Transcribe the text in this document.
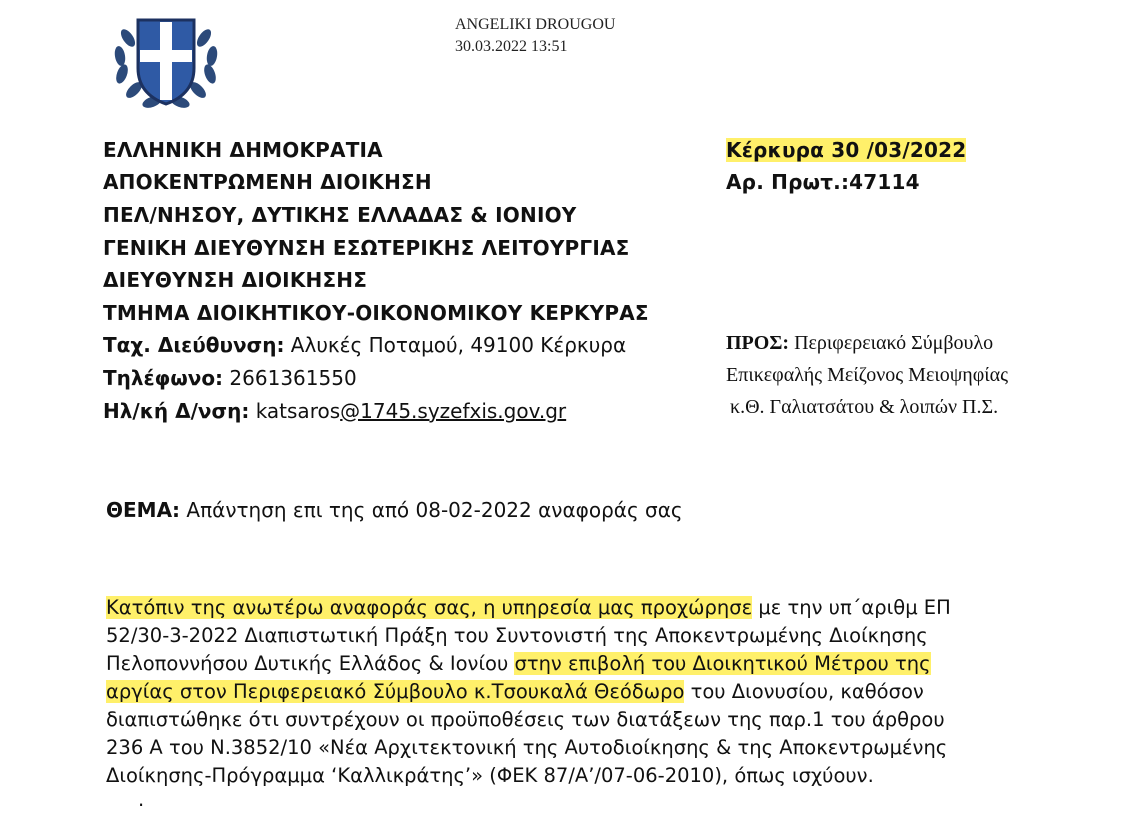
ANGELIKI DROUGOU
30.03.2022 13:51
ΕΛΛΗΝΙΚΗ ΔΗΜΟΚΡΑΤΙΑ
ΑΠΟΚΕΝΤΡΩΜΕΝΗ ΔΙΟΙΚΗΣΗ
ΠΕΛ/ΝΗΣΟΥ, ΔΥΤΙΚΗΣ ΕΛΛΑΔΑΣ & ΙΟΝΙΟΥ
ΓΕΝΙΚΗ ΔΙΕΥΘΥΝΣΗ ΕΣΩΤΕΡΙΚΗΣ ΛΕΙΤΟΥΡΓΙΑΣ
ΔΙΕΥΘΥΝΣΗ ΔΙΟΙΚΗΣΗΣ
ΤΜΗΜΑ ΔΙΟΙΚΗΤΙΚΟΥ-ΟΙΚΟΝΟΜΙΚΟΥ ΚΕΡΚΥΡΑΣ
Ταχ. Διεύθυνση: Αλυκές Ποταμού, 49100 Κέρκυρα
Τηλέφωνο: 2661361550
Ηλ/κή Δ/νση: katsaros@1745.syzefxis.gov.gr
Κέρκυρα 30 /03/2022
Αρ. Πρωτ.:47114
ΠΡΟΣ: Περιφερειακό Σύμβουλο
Επικεφαλής Μείζονος Μειοψηφίας
κ.Θ. Γαλιατσάτου & λοιπών Π.Σ.
ΘΕΜΑ: Απάντηση επι της από 08-02-2022 αναφοράς σας
Κατόπιν της ανωτέρω αναφοράς σας, η υπηρεσία μας προχώρησε με την υπ΄αριθμ ΕΠ
52/30-3-2022 Διαπιστωτική Πράξη του Συντονιστή της Αποκεντρωμένης Διοίκησης
Πελοποννήσου Δυτικής Ελλάδος & Ιονίου στην επιβολή του Διοικητικού Μέτρου της
αργίας στον Περιφερειακό Σύμβουλο κ.Τσουκαλά Θεόδωρο του Διονυσίου, καθόσον
διαπιστώθηκε ότι συντρέχουν οι προϋποθέσεις των διατάξεων της παρ.1 του άρθρου
236 Α του Ν.3852/10 «Νέα Αρχιτεκτονική της Αυτοδιοίκησης & της Αποκεντρωμένης
Διοίκησης-Πρόγραμμα ‘Καλλικράτης’» (ΦΕΚ 87/Α’/07-06-2010), όπως ισχύουν.
.
